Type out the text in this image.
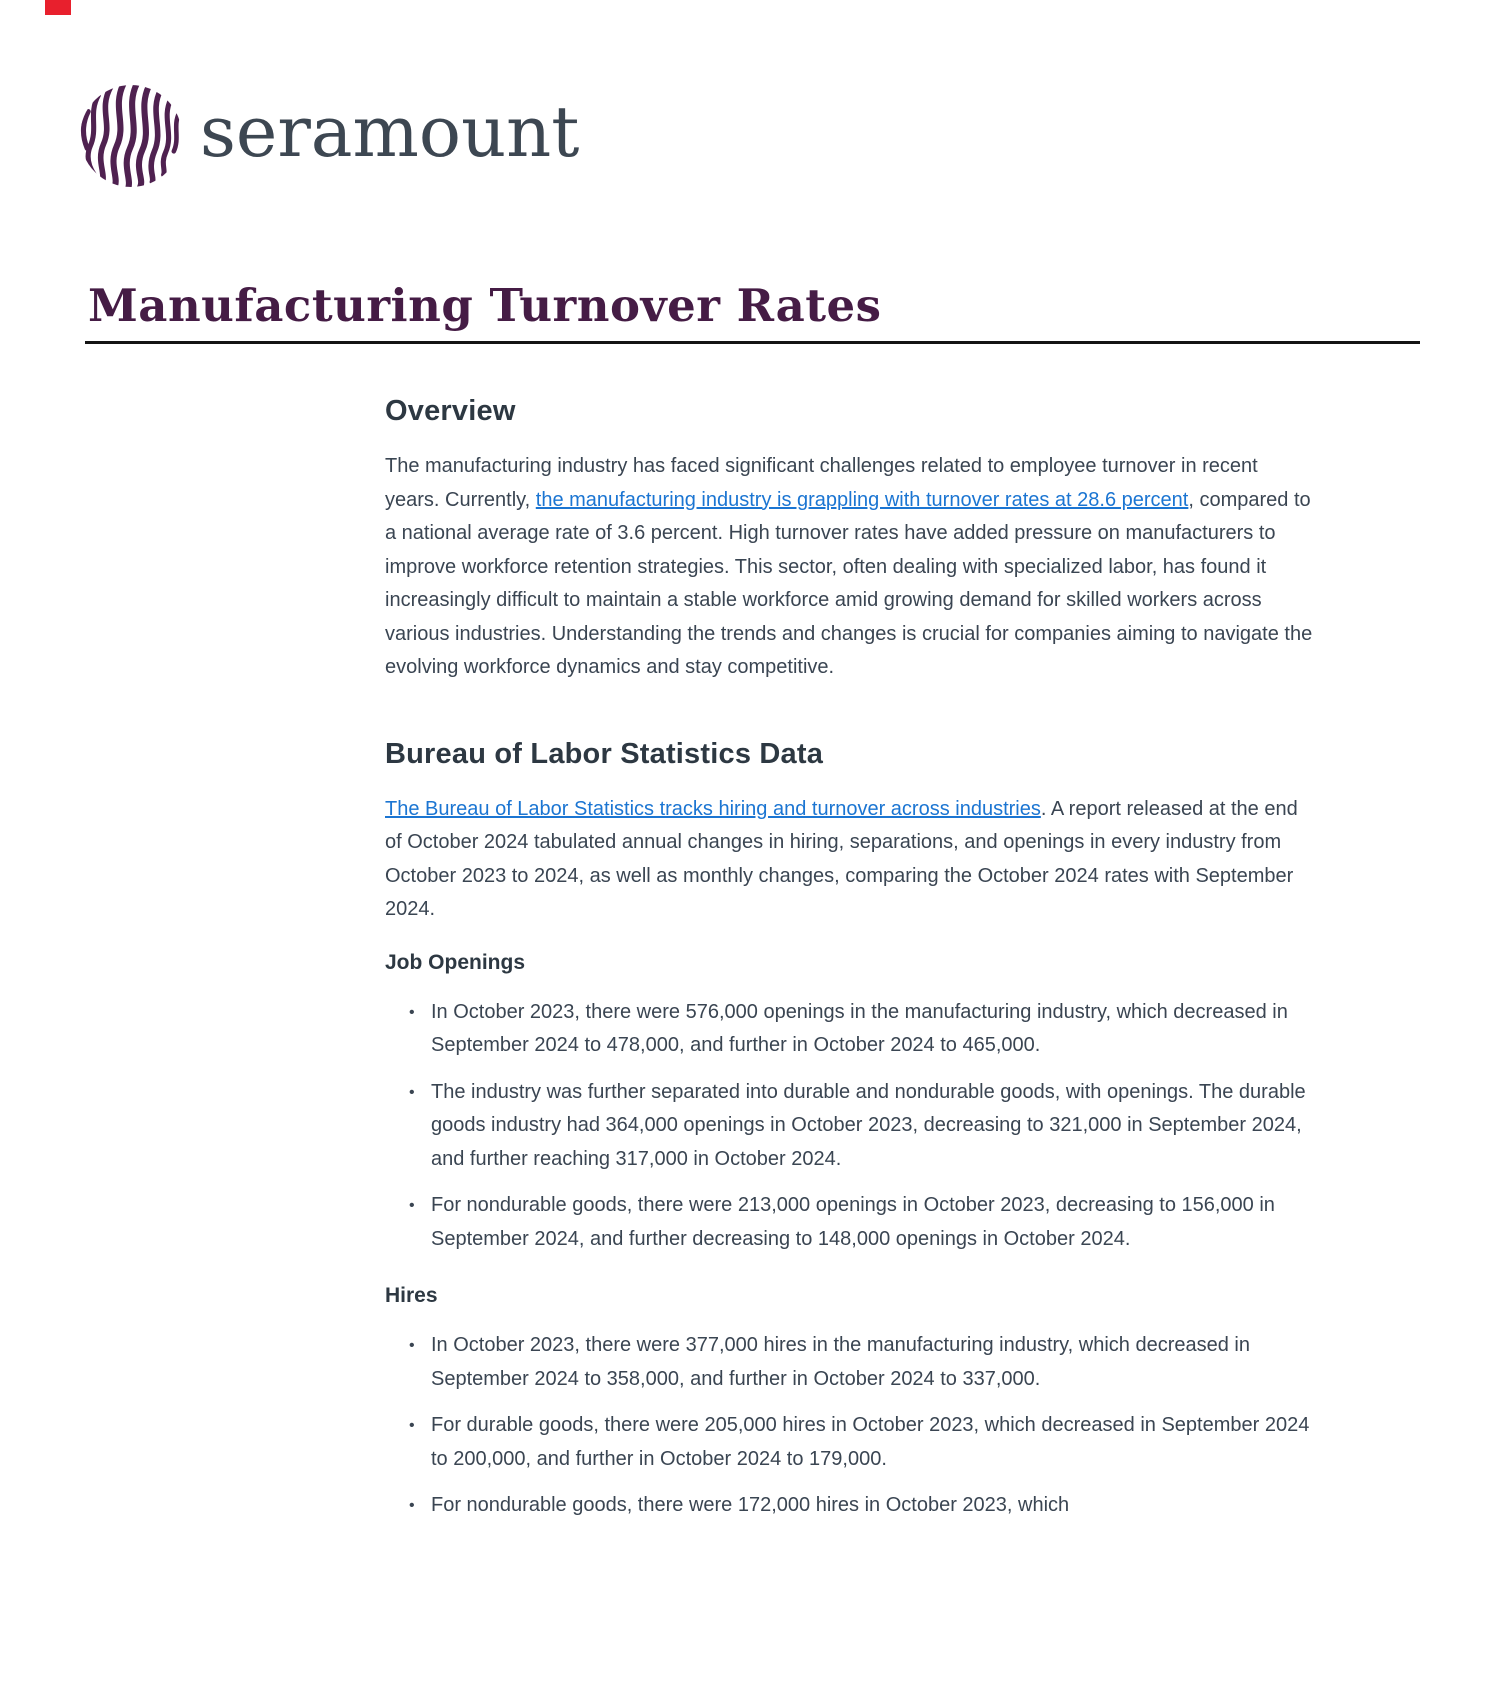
seramount
Manufacturing Turnover Rates
Overview

The manufacturing industry has faced significant challenges related to employee turnover in recent years. Currently, the manufacturing industry is grappling with turnover rates at 28.6 percent, compared to a national average rate of 3.6 percent. High turnover rates have added pressure on manufacturers to improve workforce retention strategies. This sector, often dealing with specialized labor, has found it increasingly difficult to maintain a stable workforce amid growing demand for skilled workers across various industries. Understanding the trends and changes is crucial for companies aiming to navigate the evolving workforce dynamics and stay competitive.

Bureau of Labor Statistics Data

The Bureau of Labor Statistics tracks hiring and turnover across industries. A report released at the end of October 2024 tabulated annual changes in hiring, separations, and openings in every industry from October 2023 to 2024, as well as monthly changes, comparing the October 2024 rates with September 2024.

Job Openings
• In October 2023, there were 576,000 openings in the manufacturing industry, which decreased in September 2024 to 478,000, and further in October 2024 to 465,000.
• The industry was further separated into durable and nondurable goods, with openings. The durable goods industry had 364,000 openings in October 2023, decreasing to 321,000 in September 2024, and further reaching 317,000 in October 2024.
• For nondurable goods, there were 213,000 openings in October 2023, decreasing to 156,000 in September 2024, and further decreasing to 148,000 openings in October 2024.
Hires
• In October 2023, there were 377,000 hires in the manufacturing industry, which decreased in September 2024 to 358,000, and further in October 2024 to 337,000.
• For durable goods, there were 205,000 hires in October 2023, which decreased in September 2024 to 200,000, and further in October 2024 to 179,000.
• For nondurable goods, there were 172,000 hires in October 2023, which
